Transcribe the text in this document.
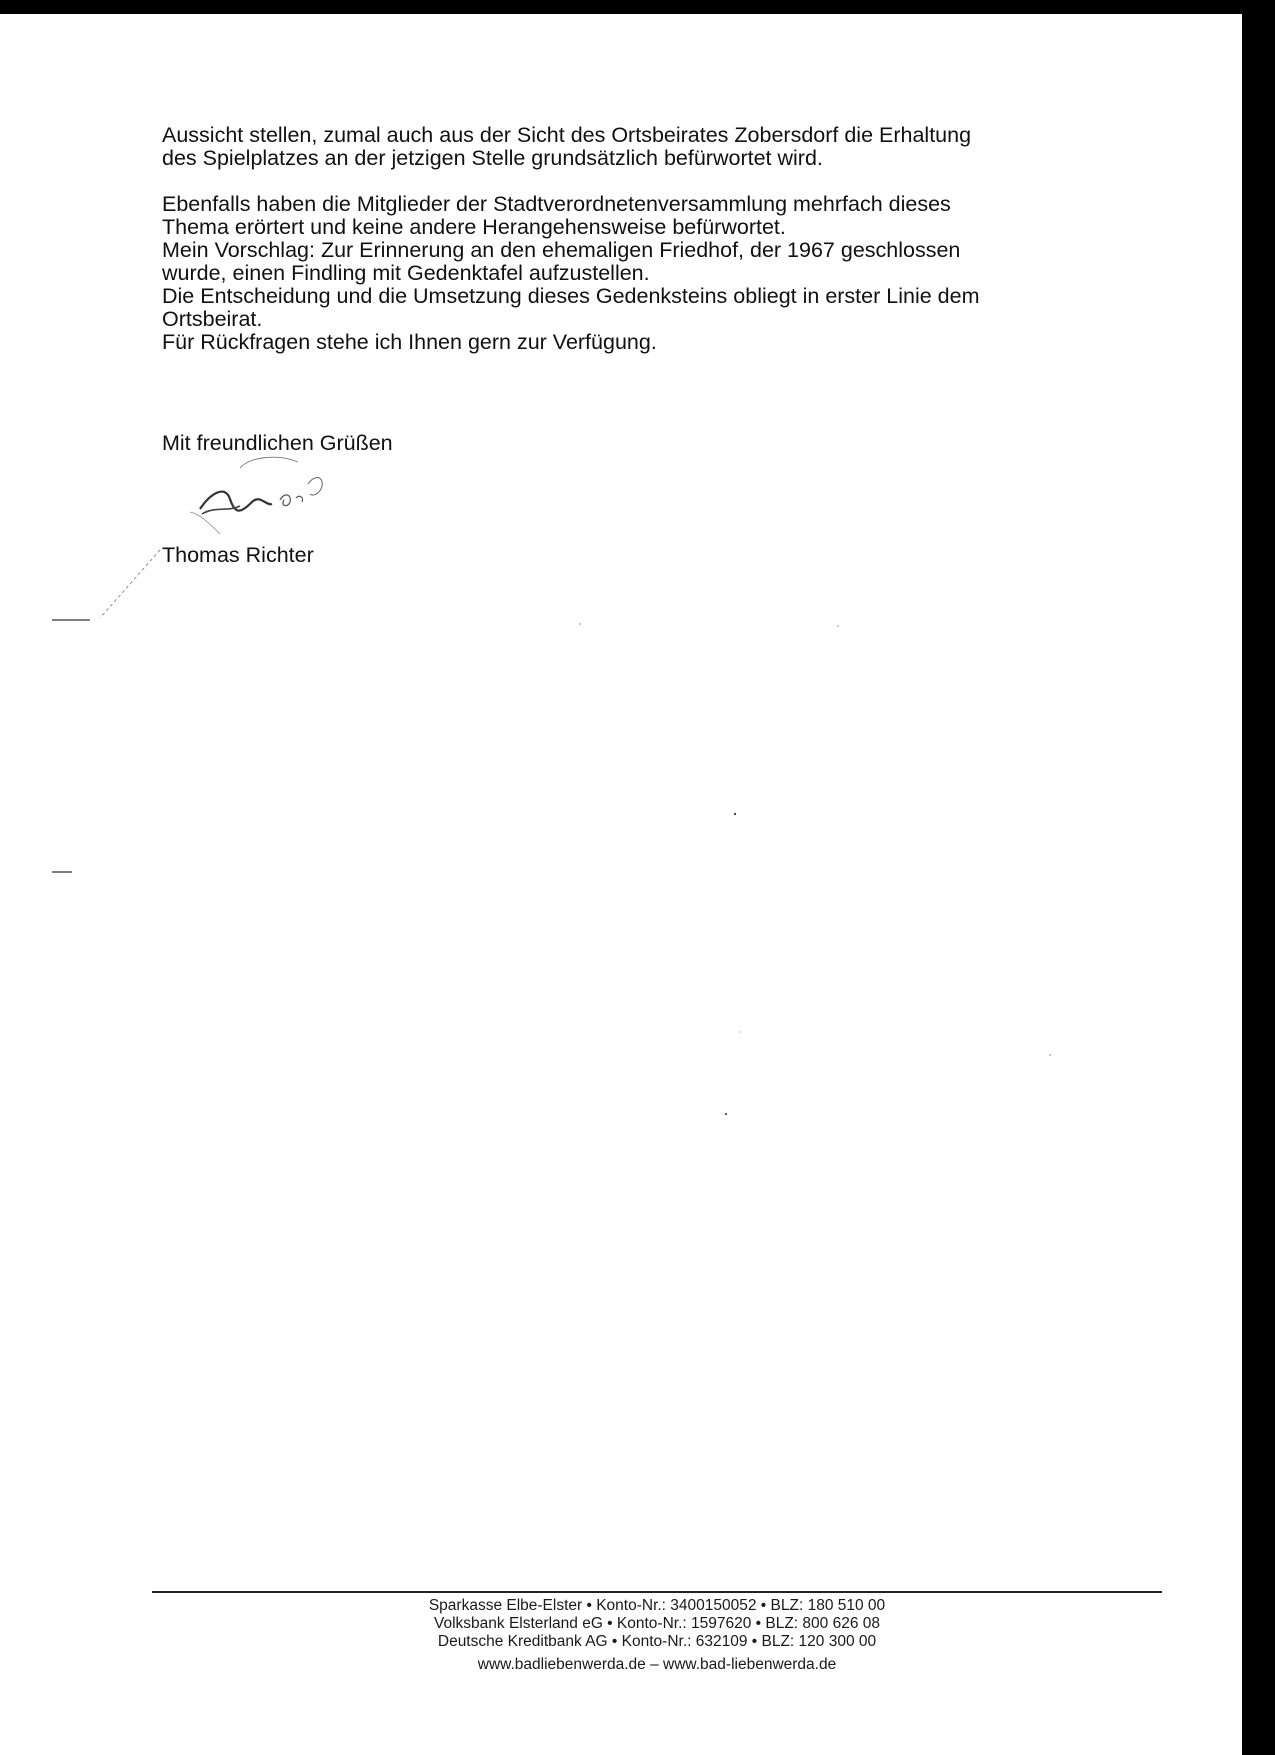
Aussicht stellen, zumal auch aus der Sicht des Ortsbeirates Zobersdorf die Erhaltung

des Spielplatzes an der jetzigen Stelle grundsätzlich befürwortet wird.

Ebenfalls haben die Mitglieder der Stadtverordnetenversammlung mehrfach dieses

Thema erörtert und keine andere Herangehensweise befürwortet.

Mein Vorschlag: Zur Erinnerung an den ehemaligen Friedhof, der 1967 geschlossen

wurde, einen Findling mit Gedenktafel aufzustellen.

Die Entscheidung und die Umsetzung dieses Gedenksteins obliegt in erster Linie dem

Ortsbeirat.

Für Rückfragen stehe ich Ihnen gern zur Verfügung.

Mit freundlichen Grüßen
Thomas Richter
Sparkasse Elbe-Elster • Konto-Nr.: 3400150052 • BLZ: 180 510 00
Volksbank Elsterland eG • Konto-Nr.: 1597620 • BLZ: 800 626 08
Deutsche Kreditbank AG • Konto-Nr.: 632109 • BLZ: 120 300 00
www.badliebenwerda.de – www.bad-liebenwerda.de
